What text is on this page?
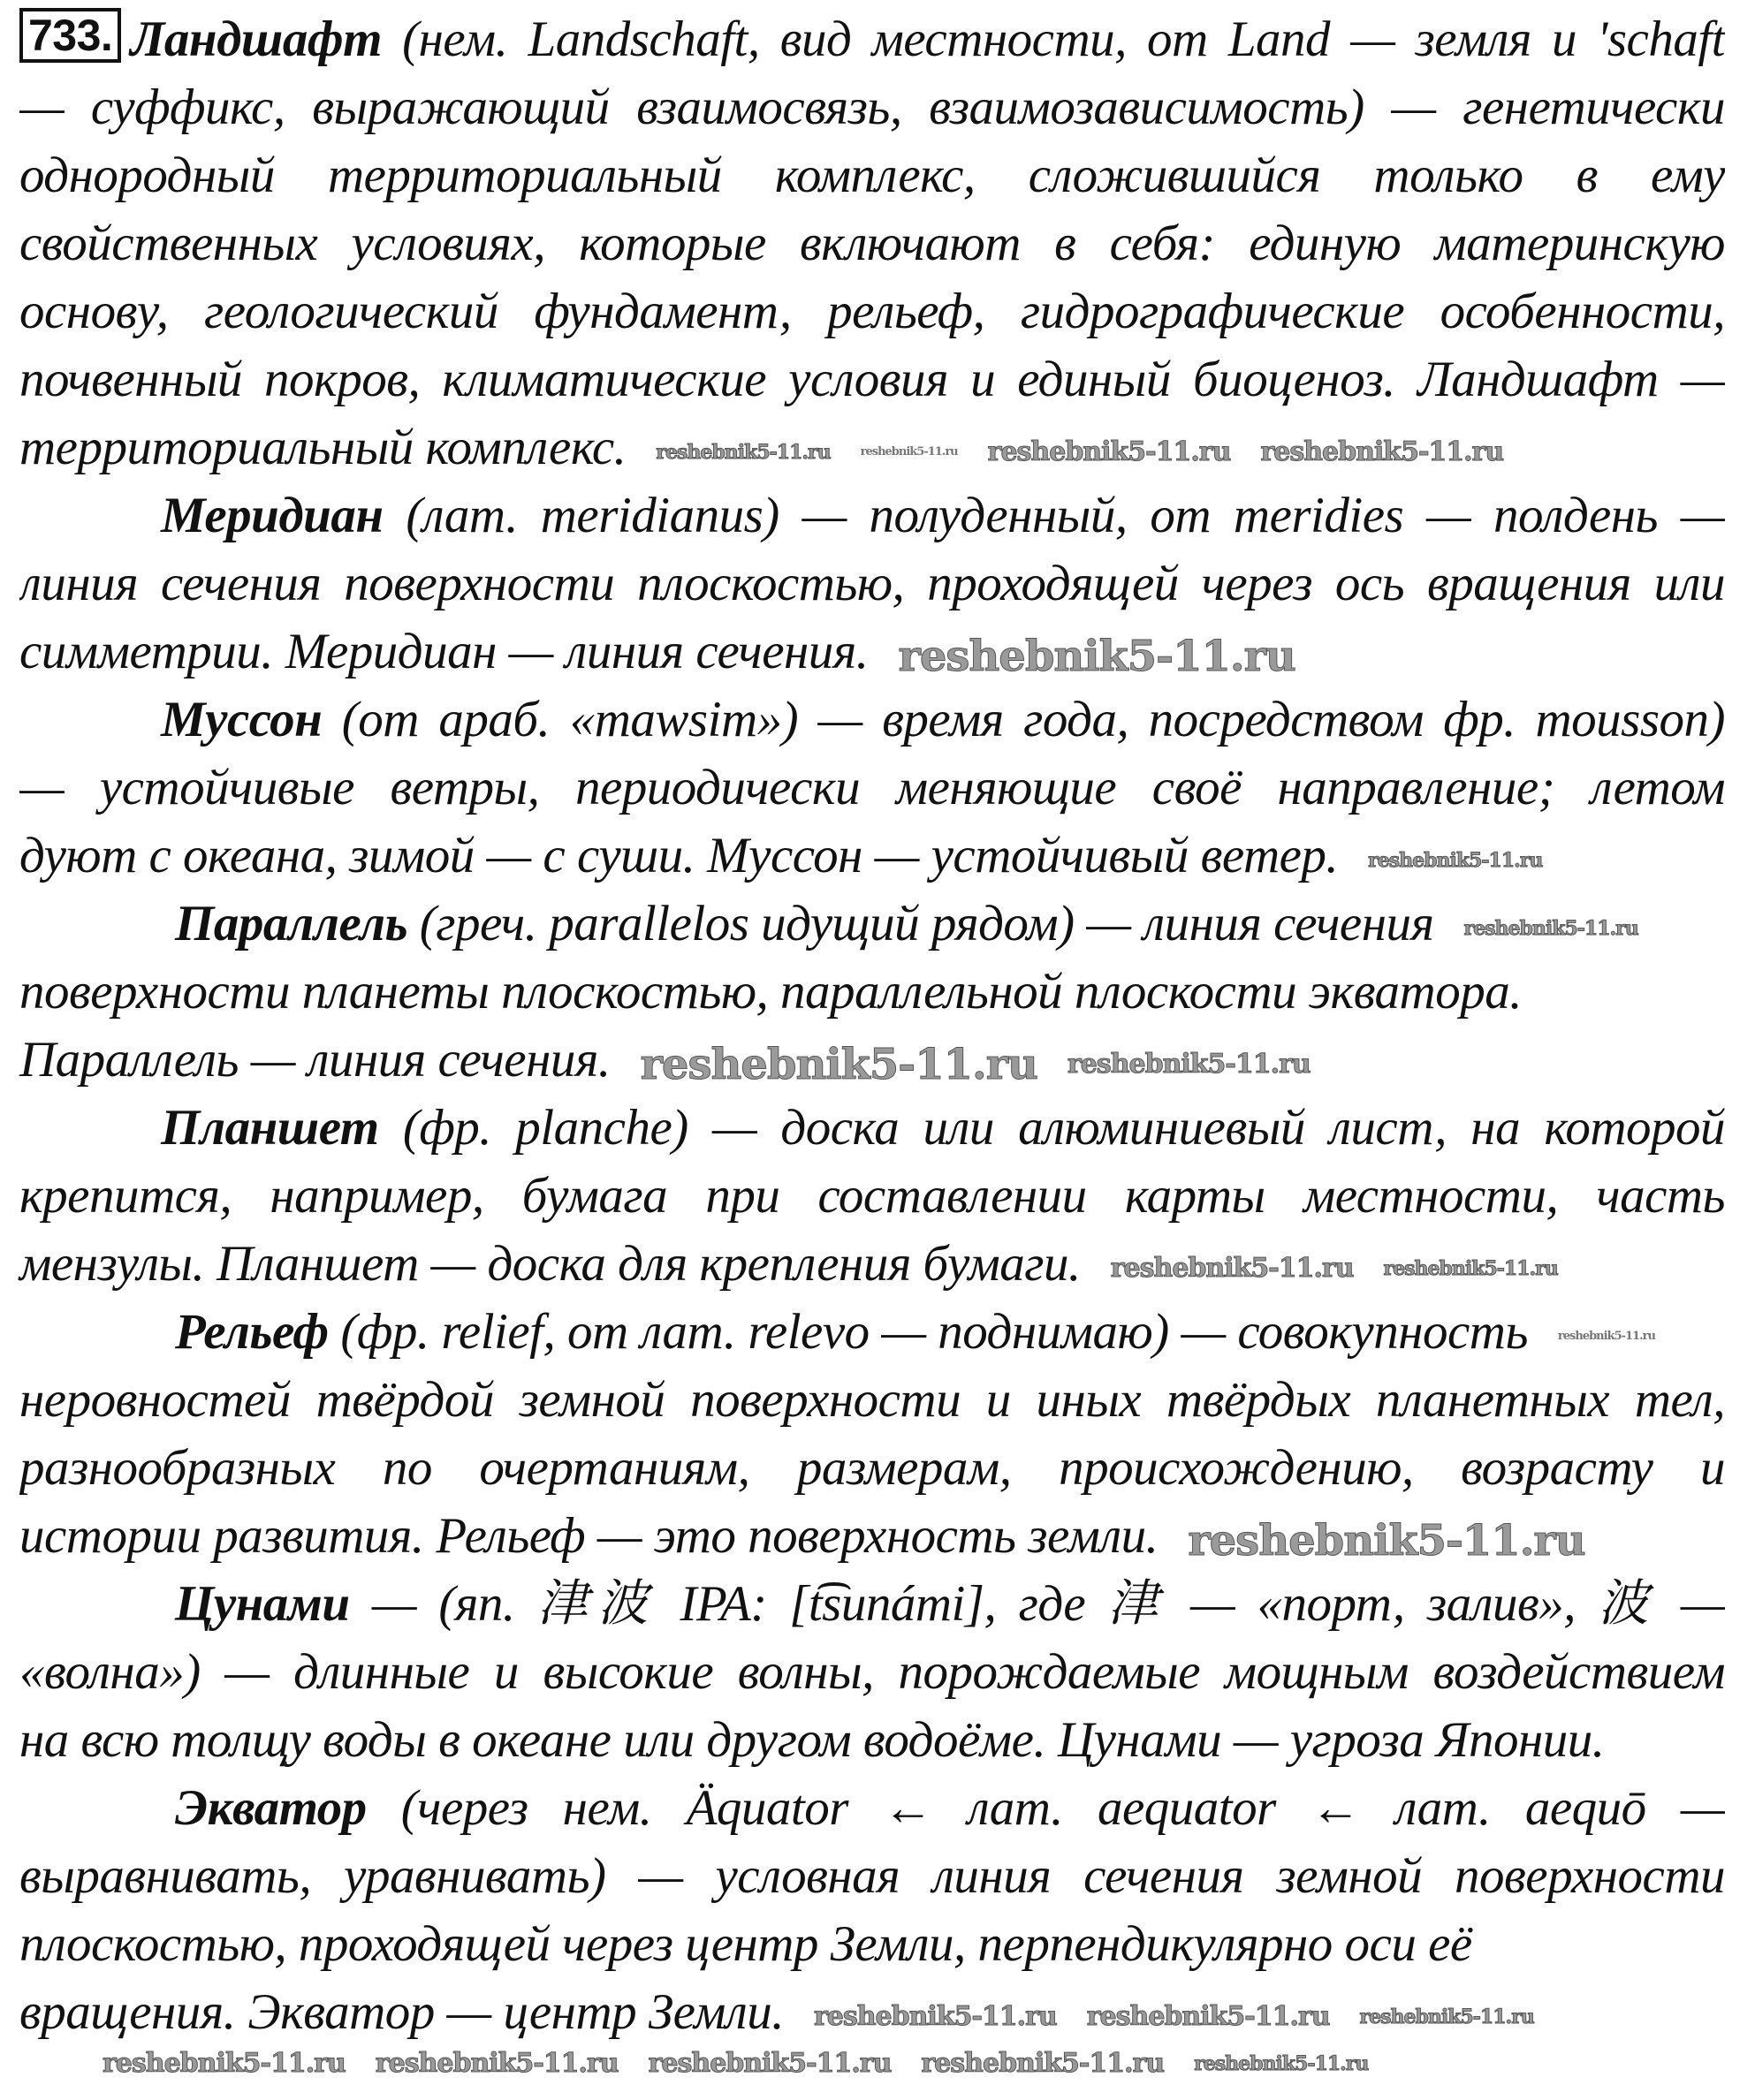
733. Ландшафт (нем. Landschaft, вид местности, от Land — земля и 'schaft
— суффикс, выражающий взаимосвязь, взаимозависимость) — генетически
однородный территориальный комплекс, сложившийся только в ему
свойственных условиях, которые включают в себя: единую материнскую
основу, геологический фундамент, рельеф, гидрографические особенности,
почвенный покров, климатические условия и единый биоценоз. Ландшафт —
территориальный комплекс. reshebnik5-11.ru	reshebnik5-11.ru reshebnik5-11.ru reshebnik5-11.ru
Меридиан (лат. meridianus) — полуденный, от meridies — полдень —
линия сечения поверхности плоскостью, проходящей через ось вращения или
симметрии. Меридиан — линия сечения. reshebnik5-11.ru
Муссон (от араб. «mawsim») — время года, посредством фр. mousson)
— устойчивые ветры, периодически меняющие своё направление; летом
дуют с океана, зимой — с суши. Муссон — устойчивый ветер. reshebnik5-11.ru
Параллель (греч. parallelos идущий рядом) — линия сечения reshebnik5-11.ru
поверхности планеты плоскостью, параллельной плоскости экватора.
Параллель — линия сечения. reshebnik5-11.ru reshebnik5-11.ru
Планшет (фр. planche) — доска или алюминиевый лист, на которой
крепится, например, бумага при составлении карты местности, часть
мензулы. Планшет — доска для крепления бумаги. reshebnik5-11.ru reshebnik5-11.ru
Рельеф (фр. relief, от лат. relevo — поднимаю) — совокупность	reshebnik5-11.ru
неровностей твёрдой земной поверхности и иных твёрдых планетных тел,
разнообразных по очертаниям, размерам, происхождению, возрасту и
истории развития. Рельеф — это поверхность земли. reshebnik5-11.ru
Цунами — (яп. 津波 IPA: [t͡sunámi], где 津 — «порт, залив», 波 —
«волна») — длинные и высокие волны, порождаемые мощным воздействием
на всю толщу воды в океане или другом водоёме. Цунами — угроза Японии.
Экватор (через нем. Äquator ← лат. aequator ← лат. aequō —
выравнивать, уравнивать) — условная линия сечения земной поверхности
плоскостью, проходящей через центр Земли, перпендикулярно оси её
вращения. Экватор — центр Земли. reshebnik5-11.ru reshebnik5-11.ru reshebnik5-11.ru
reshebnik5-11.ru reshebnik5-11.ru reshebnik5-11.ru reshebnik5-11.ru reshebnik5-11.ru
